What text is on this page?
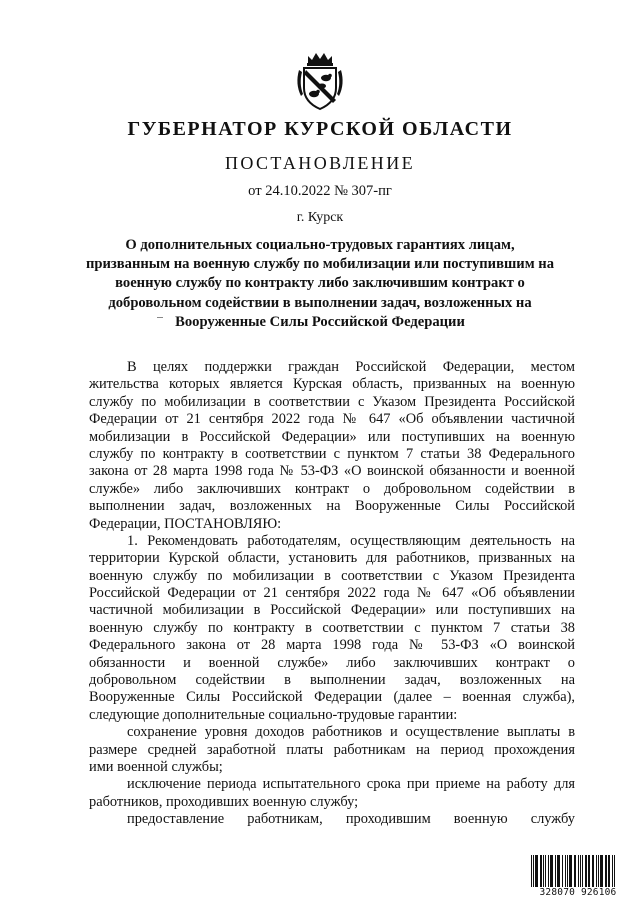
ГУБЕРНАТОР КУРСКОЙ ОБЛАСТИ

ПОСТАНОВЛЕНИЕ

от 24.10.2022 № 307-пг

г. Курск

О дополнительных социально-трудовых гарантиях лицам,
призванным на военную службу по мобилизации или поступившим на
военную службу по контракту либо заключившим контракт о
добровольном содействии в выполнении задач, возложенных на
Вооруженные Силы Российской Федерации
В целях поддержки граждан Российской Федерации, местом
жительства которых является Курская область, призванных на военную
службу по мобилизации в соответствии с Указом Президента Российской
Федерации от 21 сентября 2022 года № 647 «Об объявлении частичной
мобилизации в Российской Федерации» или поступивших на военную
службу по контракту в соответствии с пунктом 7 статьи 38 Федерального
закона от 28 марта 1998 года № 53-ФЗ «О воинской обязанности и военной
службе» либо заключивших контракт о добровольном содействии в
выполнении задач, возложенных на Вооруженные Силы Российской
Федерации, ПОСТАНОВЛЯЮ:
1. Рекомендовать работодателям, осуществляющим деятельность на
территории Курской области, установить для работников, призванных на
военную службу по мобилизации в соответствии с Указом Президента
Российской Федерации от 21 сентября 2022 года № 647 «Об объявлении
частичной мобилизации в Российской Федерации» или поступивших на
военную службу по контракту в соответствии с пунктом 7 статьи 38
Федерального закона от 28 марта 1998 года № 53-ФЗ «О воинской
обязанности и военной службе» либо заключивших контракт о
добровольном содействии в выполнении задач, возложенных на
Вооруженные Силы Российской Федерации (далее – военная служба),
следующие дополнительные социально-трудовые гарантии:
сохранение уровня доходов работников и осуществление выплаты в
размере средней заработной платы работникам на период прохождения
ими военной службы;
исключение периода испытательного срока при приеме на работу для
работников, проходивших военную службу;
предоставление работникам, проходившим военную службу
328070 926106
